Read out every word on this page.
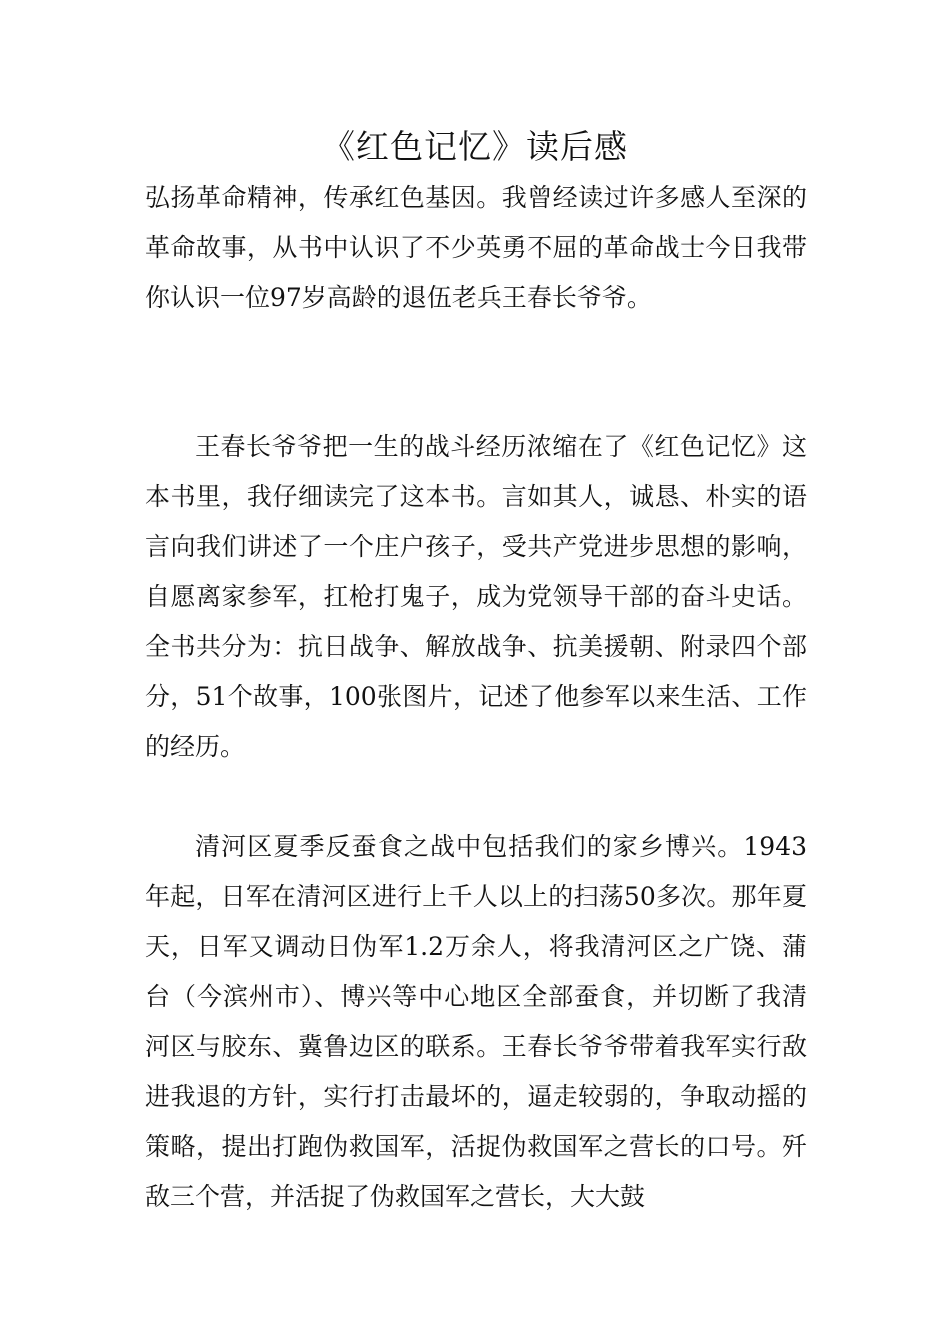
《红色记忆》读后感

弘扬革命精神，传承红色基因。我曾经读过许多感人至深的革命故事，从书中认识了不少英勇不屈的革命战士今日我带你认识一位97岁高龄的退伍老兵王春长爷爷。

王春长爷爷把一生的战斗经历浓缩在了《红色记忆》这本书里，我仔细读完了这本书。言如其人，诚恳、朴实的语言向我们讲述了一个庄户孩子，受共产党进步思想的影响，自愿离家参军，扛枪打鬼子，成为党领导干部的奋斗史话。全书共分为：抗日战争、解放战争、抗美援朝、附录四个部分，51个故事，100张图片，记述了他参军以来生活、工作的经历。

清河区夏季反蚕食之战中包括我们的家乡博兴。1943年起，日军在清河区进行上千人以上的扫荡50多次。那年夏天，日军又调动日伪军1.2万余人，将我清河区之广饶、蒲台（今滨州市）、博兴等中心地区全部蚕食，并切断了我清河区与胶东、冀鲁边区的联系。王春长爷爷带着我军实行敌进我退的方针，实行打击最坏的，逼走较弱的，争取动摇的策略，提出打跑伪救国军，活捉伪救国军之营长的口号。歼敌三个营，并活捉了伪救国军之营长，大大鼓
